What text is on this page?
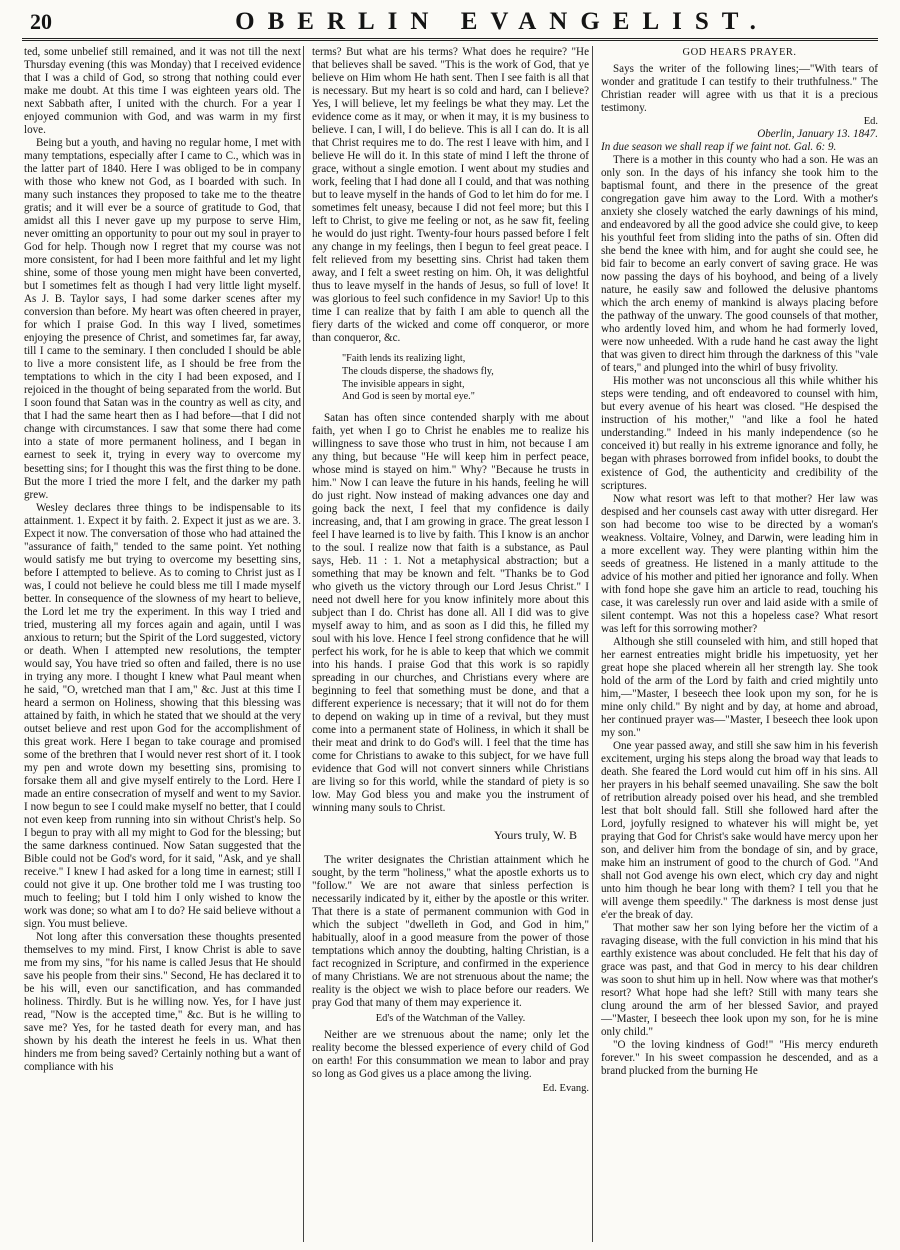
20	OBERLIN EVANGELIST.

ted, some unbelief still remained, and it was not till the next Thursday evening (this was Monday) that I received evidence that I was a child of God, so strong that nothing could ever make me doubt. At this time I was eighteen years old. The next Sabbath after, I united with the church. For a year I enjoyed communion with God, and was warm in my first love.

Being but a youth, and having no regular home, I met with many temptations, especially after I came to C., which was in the latter part of 1840. Here I was obliged to be in company with those who knew not God, as I boarded with such. In many such instances they proposed to take me to the theatre gratis; and it will ever be a source of gratitude to God, that amidst all this I never gave up my purpose to serve Him, never omitting an opportunity to pour out my soul in prayer to God for help. Though now I regret that my course was not more consistent, for had I been more faithful and let my light shine, some of those young men might have been converted, but I sometimes felt as though I had very little light myself. As J. B. Taylor says, I had some darker scenes after my conversion than before. My heart was often cheered in prayer, for which I praise God. In this way I lived, sometimes enjoying the presence of Christ, and sometimes far, far away, till I came to the seminary. I then concluded I should be able to live a more consistent life, as I should be free from the temptations to which in the city I had been exposed, and I rejoiced in the thought of being separated from the world. But I soon found that Satan was in the country as well as city, and that I had the same heart then as I had before—that I did not change with circumstances. I saw that some there had come into a state of more permanent holiness, and I began in earnest to seek it, trying in every way to overcome my besetting sins; for I thought this was the first thing to be done. But the more I tried the more I felt, and the darker my path grew.

Wesley declares three things to be indispensable to its attainment. 1. Expect it by faith. 2. Expect it just as we are. 3. Expect it now. The conversation of those who had attained the "assurance of faith," tended to the same point. Yet nothing would satisfy me but trying to overcome my besetting sins, before I attempted to believe. As to coming to Christ just as I was, I could not believe he could bless me till I made myself better. In consequence of the slowness of my heart to believe, the Lord let me try the experiment. In this way I tried and tried, mustering all my forces again and again, until I was anxious to return; but the Spirit of the Lord suggested, victory or death. When I attempted new resolutions, the tempter would say, You have tried so often and failed, there is no use in trying any more. I thought I knew what Paul meant when he said, "O, wretched man that I am," &c. Just at this time I heard a sermon on Holiness, showing that this blessing was attained by faith, in which he stated that we should at the very outset believe and rest upon God for the accomplishment of this great work. Here I began to take courage and promised some of the brethren that I would never rest short of it. I took my pen and wrote down my besetting sins, promising to forsake them all and give myself entirely to the Lord. Here I made an entire consecration of myself and went to my Savior. I now begun to see I could make myself no better, that I could not even keep from running into sin without Christ's help. So I begun to pray with all my might to God for the blessing; but the same darkness continued. Now Satan suggested that the Bible could not be God's word, for it said, "Ask, and ye shall receive." I knew I had asked for a long time in earnest; still I could not give it up. One brother told me I was trusting too much to feeling; but I told him I only wished to know the work was done; so what am I to do? He said believe without a sign. You must believe.

Not long after this conversation these thoughts presented themselves to my mind. First, I know Christ is able to save me from my sins, "for his name is called Jesus that He should save his people from their sins." Second, He has declared it to be his will, even our sanctification, and has commanded holiness. Thirdly. But is he willing now. Yes, for I have just read, "Now is the accepted time," &c. But is he willing to save me? Yes, for he tasted death for every man, and has shown by his death the interest he feels in us. What then hinders me from being saved? Certainly nothing but a want of compliance with his

terms? But what are his terms? What does he require? "He that believes shall be saved. "This is the work of God, that ye believe on Him whom He hath sent. Then I see faith is all that is necessary. But my heart is so cold and hard, can I believe? Yes, I will believe, let my feelings be what they may. Let the evidence come as it may, or when it may, it is my business to believe. I can, I will, I do believe. This is all I can do. It is all that Christ requires me to do. The rest I leave with him, and I believe He will do it. In this state of mind I left the throne of grace, without a single emotion. I went about my studies and work, feeling that I had done all I could, and that was nothing but to leave myself in the hands of God to let him do for me. I sometimes felt uneasy, because I did not feel more; but this I left to Christ, to give me feeling or not, as he saw fit, feeling he would do just right. Twenty-four hours passed before I felt any change in my feelings, then I begun to feel great peace. I felt relieved from my besetting sins. Christ had taken them away, and I felt a sweet resting on him. Oh, it was delightful thus to leave myself in the hands of Jesus, so full of love! It was glorious to feel such confidence in my Savior! Up to this time I can realize that by faith I am able to quench all the fiery darts of the wicked and come off conqueror, or more than conqueror, &c.

"Faith lends its realizing light,
The clouds disperse, the shadows fly,
The invisible appears in sight,
And God is seen by mortal eye."

Satan has often since contended sharply with me about faith, yet when I go to Christ he enables me to realize his willingness to save those who trust in him, not because I am any thing, but because "He will keep him in perfect peace, whose mind is stayed on him." Why? "Because he trusts in him." Now I can leave the future in his hands, feeling he will do just right. Now instead of making advances one day and going back the next, I feel that my confidence is daily increasing, and, that I am growing in grace. The great lesson I feel I have learned is to live by faith. This I know is an anchor to the soul. I realize now that faith is a substance, as Paul says, Heb. 11 : 1. Not a metaphysical abstraction; but a something that may be known and felt. "Thanks be to God who giveth us the victory through our Lord Jesus Christ." I need not dwell here for you know infinitely more about this subject than I do. Christ has done all. All I did was to give myself away to him, and as soon as I did this, he filled my soul with his love. Hence I feel strong confidence that he will perfect his work, for he is able to keep that which we commit into his hands. I praise God that this work is so rapidly spreading in our churches, and Christians every where are beginning to feel that something must be done, and that a different experience is necessary; that it will not do for them to depend on waking up in time of a revival, but they must come into a permanent state of Holiness, in which it shall be their meat and drink to do God's will. I feel that the time has come for Christians to awake to this subject, for we have full evidence that God will not convert sinners while Christians are living so for this world, while the standard of piety is so low. May God bless you and make you the instrument of winning many souls to Christ.

Yours truly, W. B

The writer designates the Christian attainment which he sought, by the term "holiness," what the apostle exhorts us to "follow." We are not aware that sinless perfection is necessarily indicated by it, either by the apostle or this writer. That there is a state of permanent communion with God in which the subject "dwelleth in God, and God in him," habitually, aloof in a good measure from the power of those temptations which annoy the doubting, halting Christian, is a fact recognized in Scripture, and confirmed in the experience of many Christians. We are not strenuous about the name; the reality is the object we wish to place before our readers. We pray God that many of them may experience it.

Ed's of the Watchman of the Valley.

Neither are we strenuous about the name; only let the reality become the blessed experience of every child of God on earth! For this consummation we mean to labor and pray so long as God gives us a place among the living.

Ed. Evang.
GOD HEARS PRAYER.

Says the writer of the following lines;—"With tears of wonder and gratitude I can testify to their truthfulness." The Christian reader will agree with us that it is a precious testimony.

Ed.
Oberlin, January 13. 1847.

In due season we shall reap if we faint not. Gal. 6: 9.

There is a mother in this county who had a son. He was an only son. In the days of his infancy she took him to the baptismal fount, and there in the presence of the great congregation gave him away to the Lord. With a mother's anxiety she closely watched the early dawnings of his mind, and endeavored by all the good advice she could give, to keep his youthful feet from sliding into the paths of sin. Often did she bend the knee with him, and for aught she could see, he bid fair to become an early convert of saving grace. He was now passing the days of his boyhood, and being of a lively nature, he easily saw and followed the delusive phantoms which the arch enemy of mankind is always placing before the pathway of the unwary. The good counsels of that mother, who ardently loved him, and whom he had formerly loved, were now unheeded. With a rude hand he cast away the light that was given to direct him through the darkness of this "vale of tears," and plunged into the whirl of busy frivolity.

His mother was not unconscious all this while whither his steps were tending, and oft endeavored to counsel with him, but every avenue of his heart was closed. "He despised the instruction of his mother," "and like a fool he hated understanding." Indeed in his manly independence (so he conceived it) but really in his extreme ignorance and folly, he began with phrases borrowed from infidel books, to doubt the existence of God, the authenticity and credibility of the scriptures.

Now what resort was left to that mother? Her law was despised and her counsels cast away with utter disregard. Her son had become too wise to be directed by a woman's weakness. Voltaire, Volney, and Darwin, were leading him in a more excellent way. They were planting within him the seeds of greatness. He listened in a manly attitude to the advice of his mother and pitied her ignorance and folly. When with fond hope she gave him an article to read, touching his case, it was carelessly run over and laid aside with a smile of silent contempt. Was not this a hopeless case? What resort was left for this sorrowing mother?

Although she still counseled with him, and still hoped that her earnest entreaties might bridle his impetuosity, yet her great hope she placed wherein all her strength lay. She took hold of the arm of the Lord by faith and cried mightily unto him,—"Master, I beseech thee look upon my son, for he is mine only child." By night and by day, at home and abroad, her continued prayer was—"Master, I beseech thee look upon my son."

One year passed away, and still she saw him in his feverish excitement, urging his steps along the broad way that leads to death. She feared the Lord would cut him off in his sins. All her prayers in his behalf seemed unavailing. She saw the bolt of retribution already poised over his head, and she trembled lest that bolt should fall. Still she followed hard after the Lord, joyfully resigned to whatever his will might be, yet praying that God for Christ's sake would have mercy upon her son, and deliver him from the bondage of sin, and by grace, make him an instrument of good to the church of God. "And shall not God avenge his own elect, which cry day and night unto him though he bear long with them? I tell you that he will avenge them speedily." The darkness is most dense just e'er the break of day.

That mother saw her son lying before her the victim of a ravaging disease, with the full conviction in his mind that his earthly existence was about concluded. He felt that his day of grace was past, and that God in mercy to his dear children was soon to shut him up in hell. Now where was that mother's resort? What hope had she left? Still with many tears she clung around the arm of her blessed Savior, and prayed—"Master, I beseech thee look upon my son, for he is mine only child."

"O the loving kindness of God!" "His mercy endureth forever." In his sweet compassion he descended, and as a brand plucked from the burning He
